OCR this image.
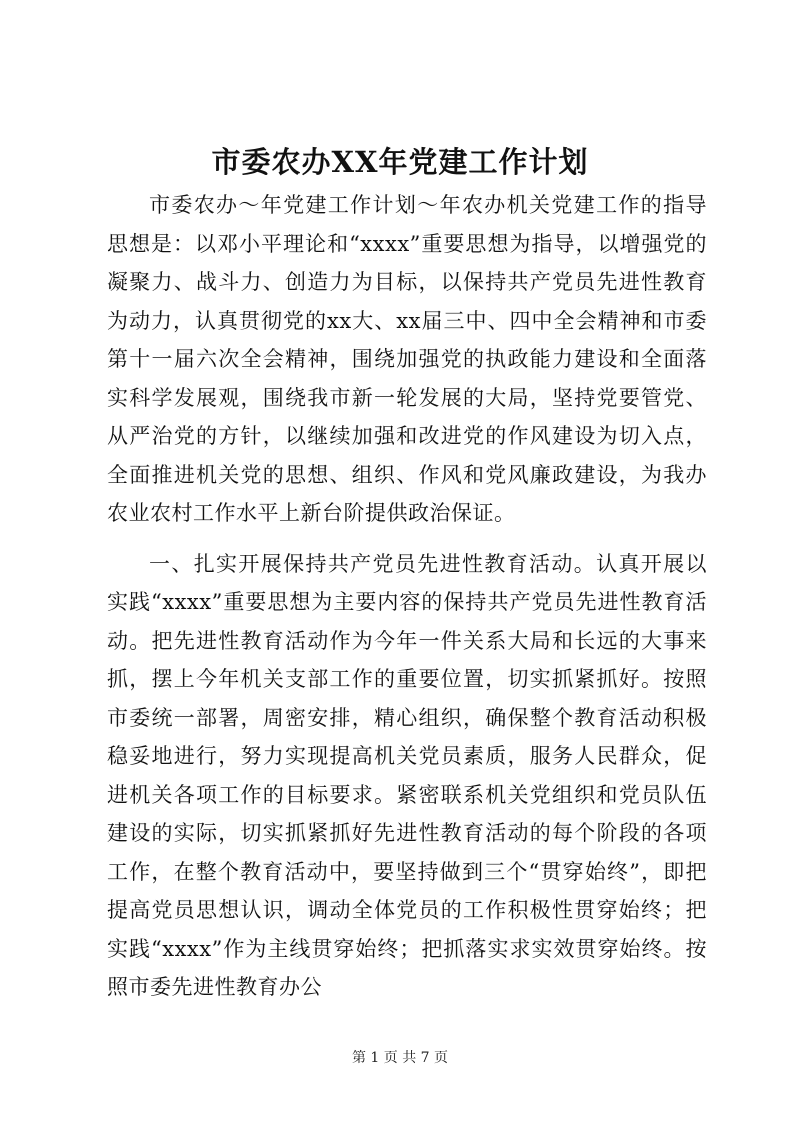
市委农办XX年党建工作计划

市委农办～年党建工作计划～年农办机关党建工作的指导思想是：以邓小平理论和“xxxx”重要思想为指导，以增强党的凝聚力、战斗力、创造力为目标，以保持共产党员先进性教育为动力，认真贯彻党的xx大、xx届三中、四中全会精神和市委第十一届六次全会精神，围绕加强党的执政能力建设和全面落实科学发展观，围绕我市新一轮发展的大局，坚持党要管党、从严治党的方针，以继续加强和改进党的作风建设为切入点，全面推进机关党的思想、组织、作风和党风廉政建设，为我办农业农村工作水平上新台阶提供政治保证。

一、扎实开展保持共产党员先进性教育活动。认真开展以实践“xxxx”重要思想为主要内容的保持共产党员先进性教育活动。把先进性教育活动作为今年一件关系大局和长远的大事来抓，摆上今年机关支部工作的重要位置，切实抓紧抓好。按照市委统一部署，周密安排，精心组织，确保整个教育活动积极稳妥地进行，努力实现提高机关党员素质，服务人民群众，促进机关各项工作的目标要求。紧密联系机关党组织和党员队伍建设的实际，切实抓紧抓好先进性教育活动的每个阶段的各项工作，在整个教育活动中，要坚持做到三个“贯穿始终”，即把提高党员思想认识，调动全体党员的工作积极性贯穿始终；把实践“xxxx”作为主线贯穿始终；把抓落实求实效贯穿始终。按照市委先进性教育办公

第 1 页 共 7 页
